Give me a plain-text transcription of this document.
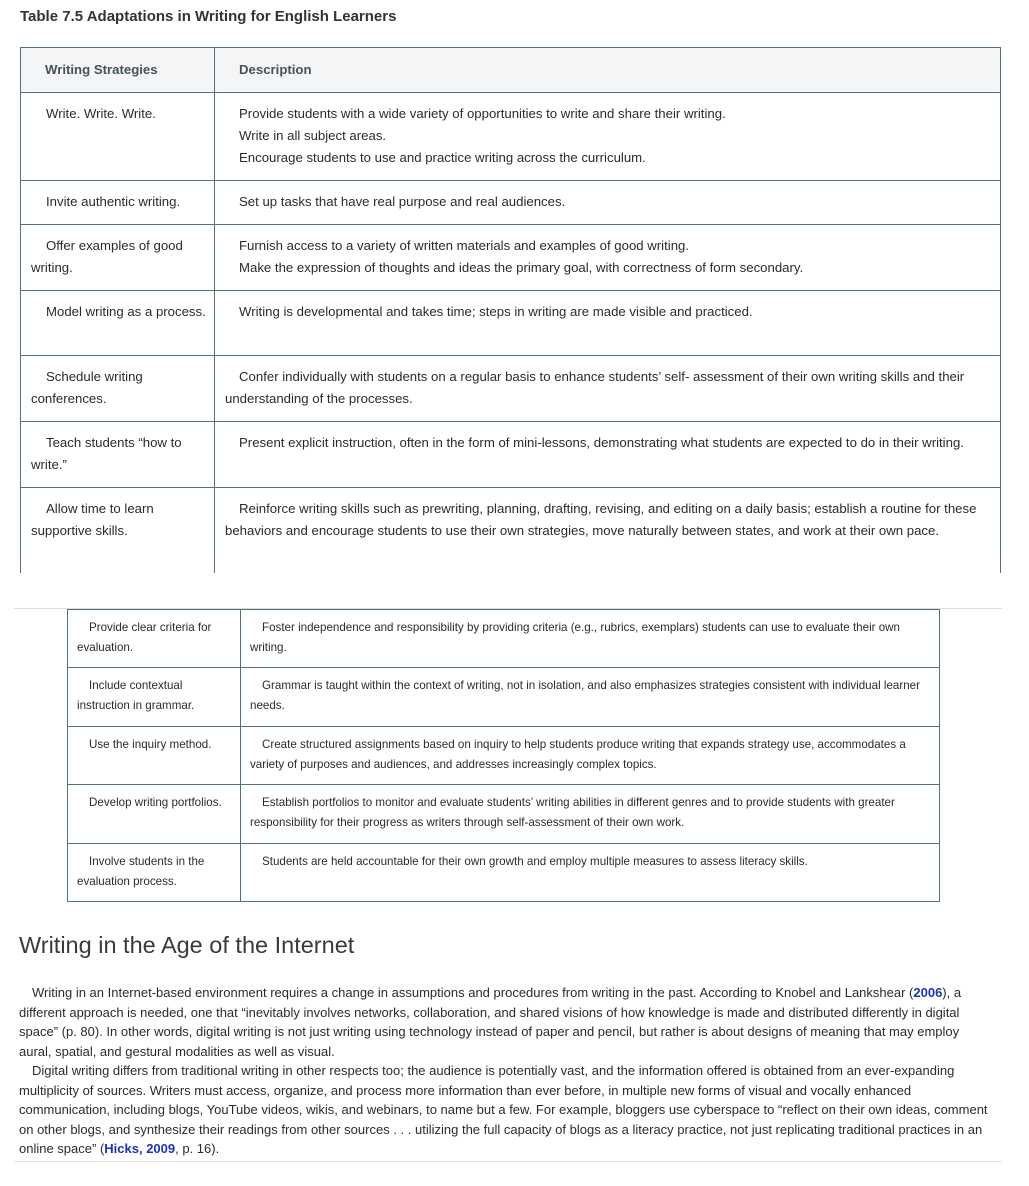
Table 7.5 Adaptations in Writing for English Learners
Writing Strategies	Description

Write. Write. Write.	Provide students with a wide variety of opportunities to write and share their writing.
Write in all subject areas.
Encourage students to use and practice writing across the curriculum.

Invite authentic writing.	Set up tasks that have real purpose and real audiences.

Offer examples of good writing.	Furnish access to a variety of written materials and examples of good writing.
Make the expression of thoughts and ideas the primary goal, with correctness of form secondary.

Model writing as a process.	Writing is developmental and takes time; steps in writing are made visible and practiced.

Schedule writing conferences.	Confer individually with students on a regular basis to enhance students’ self- assessment of their own writing skills and their understanding of the processes.

Teach students “how to write.”	Present explicit instruction, often in the form of mini-lessons, demonstrating what students are expected to do in their writing.

Allow time to learn supportive skills.	Reinforce writing skills such as prewriting, planning, drafting, revising, and editing on a daily basis; establish a routine for these behaviors and encourage students to use their own strategies, move naturally between states, and work at their own pace.
Provide clear criteria for evaluation.	Foster independence and responsibility by providing criteria (e.g., rubrics, exemplars) students can use to evaluate their own writing.

Include contextual instruction in grammar.	Grammar is taught within the context of writing, not in isolation, and also emphasizes strategies consistent with individual learner needs.

Use the inquiry method.	Create structured assignments based on inquiry to help students produce writing that expands strategy use, accommodates a variety of purposes and audiences, and addresses increasingly complex topics.

Develop writing portfolios.	Establish portfolios to monitor and evaluate students’ writing abilities in different genres and to provide students with greater responsibility for their progress as writers through self-assessment of their own work.

Involve students in the evaluation process.	Students are held accountable for their own growth and employ multiple measures to assess literacy skills.
Writing in the Age of the Internet

Writing in an Internet-based environment requires a change in assumptions and procedures from writing in the past. According to Knobel and Lankshear (2006), a different approach is needed, one that “inevitably involves networks, collaboration, and shared visions of how knowledge is made and distributed differently in digital space” (p. 80). In other words, digital writing is not just writing using technology instead of paper and pencil, but rather is about designs of meaning that may employ aural, spatial, and gestural modalities as well as visual.

Digital writing differs from traditional writing in other respects too; the audience is potentially vast, and the information offered is obtained from an ever-expanding multiplicity of sources. Writers must access, organize, and process more information than ever before, in multiple new forms of visual and vocally enhanced communication, including blogs, YouTube videos, wikis, and webinars, to name but a few. For example, bloggers use cyberspace to “reflect on their own ideas, comment on other blogs, and synthesize their readings from other sources . . . utilizing the full capacity of blogs as a literacy practice, not just replicating traditional practices in an online space” (Hicks, 2009, p. 16).
